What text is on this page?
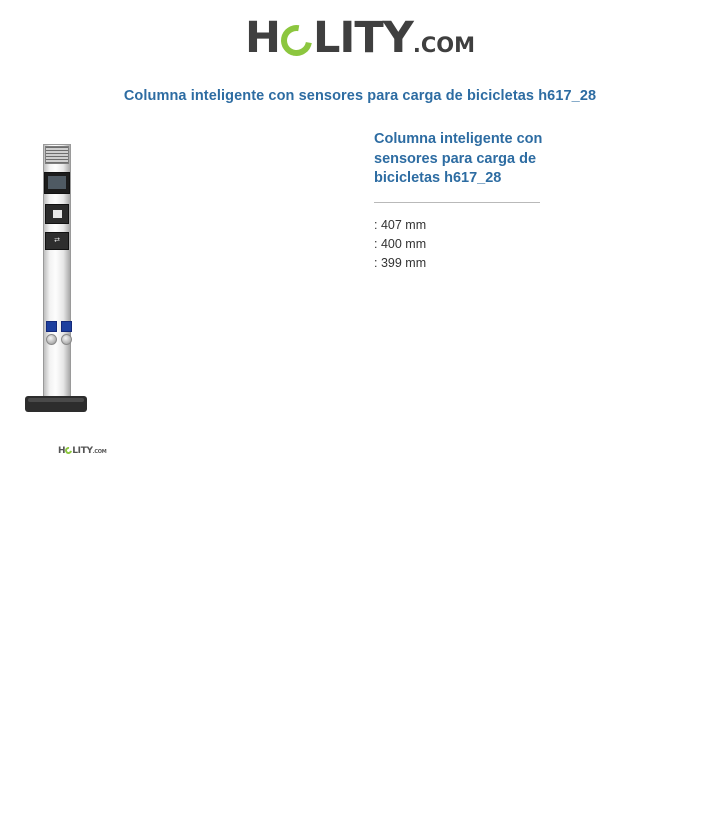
H LITY.COM
Columna inteligente con sensores para carga de bicicletas h617_28
⇄
Columna inteligente con sensores para carga de bicicletas h617_28
: 407 mm
: 400 mm
: 399 mm
H LITY.COM
